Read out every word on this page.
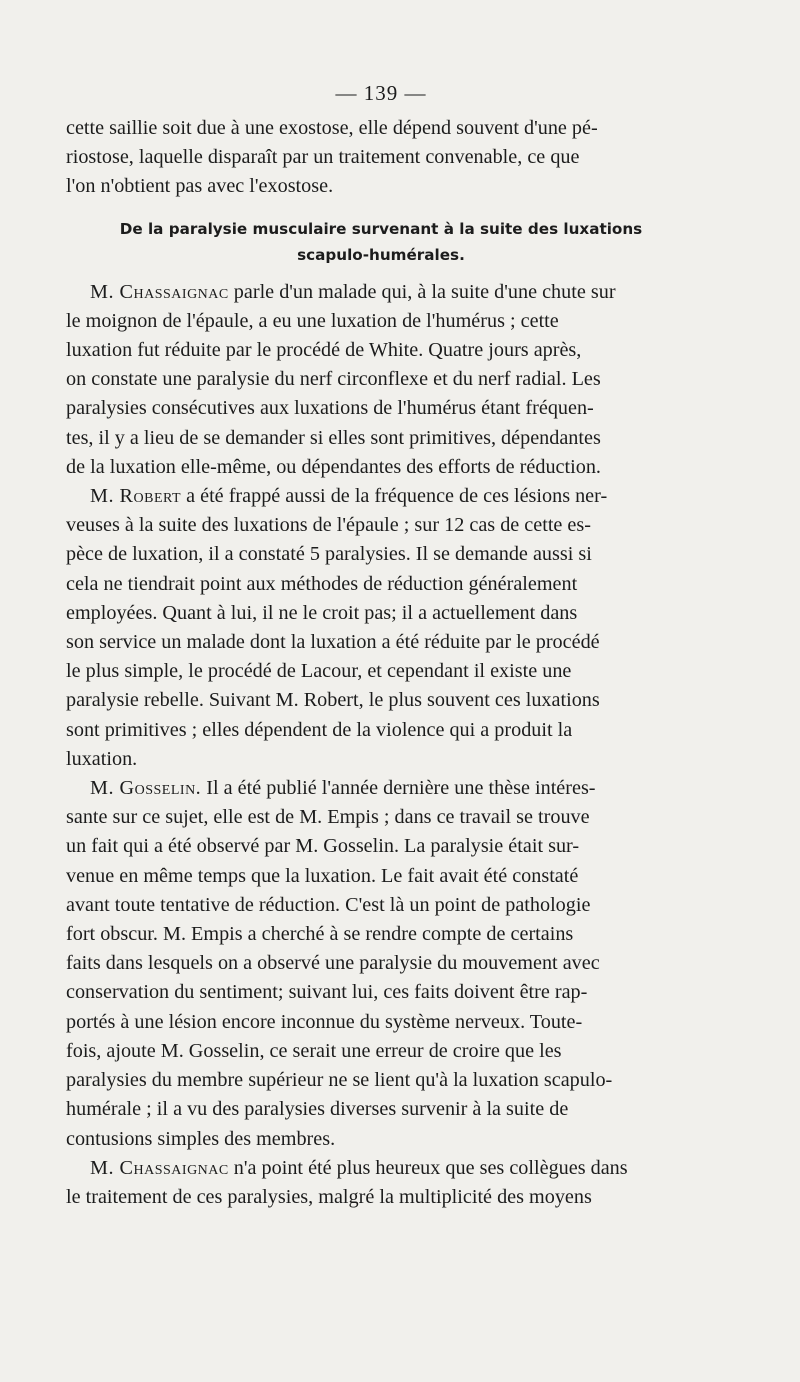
— 139 —

cette saillie soit due à une exostose, elle dépend souvent d'une pé-
riostose, laquelle disparaît par un traitement convenable, ce que
l'on n'obtient pas avec l'exostose.

De la paralysie musculaire survenant à la suite des luxations
scapulo-humérales.

M. Chassaignac parle d'un malade qui, à la suite d'une chute sur
le moignon de l'épaule, a eu une luxation de l'humérus ; cette
luxation fut réduite par le procédé de White. Quatre jours après,
on constate une paralysie du nerf circonflexe et du nerf radial. Les
paralysies consécutives aux luxations de l'humérus étant fréquen-
tes, il y a lieu de se demander si elles sont primitives, dépendantes
de la luxation elle-même, ou dépendantes des efforts de réduction.

M. Robert a été frappé aussi de la fréquence de ces lésions ner-
veuses à la suite des luxations de l'épaule ; sur 12 cas de cette es-
pèce de luxation, il a constaté 5 paralysies. Il se demande aussi si
cela ne tiendrait point aux méthodes de réduction généralement
employées. Quant à lui, il ne le croit pas; il a actuellement dans
son service un malade dont la luxation a été réduite par le procédé
le plus simple, le procédé de Lacour, et cependant il existe une
paralysie rebelle. Suivant M. Robert, le plus souvent ces luxations
sont primitives ; elles dépendent de la violence qui a produit la
luxation.

M. Gosselin. Il a été publié l'année dernière une thèse intéres-
sante sur ce sujet, elle est de M. Empis ; dans ce travail se trouve
un fait qui a été observé par M. Gosselin. La paralysie était sur-
venue en même temps que la luxation. Le fait avait été constaté
avant toute tentative de réduction. C'est là un point de pathologie
fort obscur. M. Empis a cherché à se rendre compte de certains
faits dans lesquels on a observé une paralysie du mouvement avec
conservation du sentiment; suivant lui, ces faits doivent être rap-
portés à une lésion encore inconnue du système nerveux. Toute-
fois, ajoute M. Gosselin, ce serait une erreur de croire que les
paralysies du membre supérieur ne se lient qu'à la luxation scapulo-
humérale ; il a vu des paralysies diverses survenir à la suite de
contusions simples des membres.

M. Chassaignac n'a point été plus heureux que ses collègues dans
le traitement de ces paralysies, malgré la multiplicité des moyens
